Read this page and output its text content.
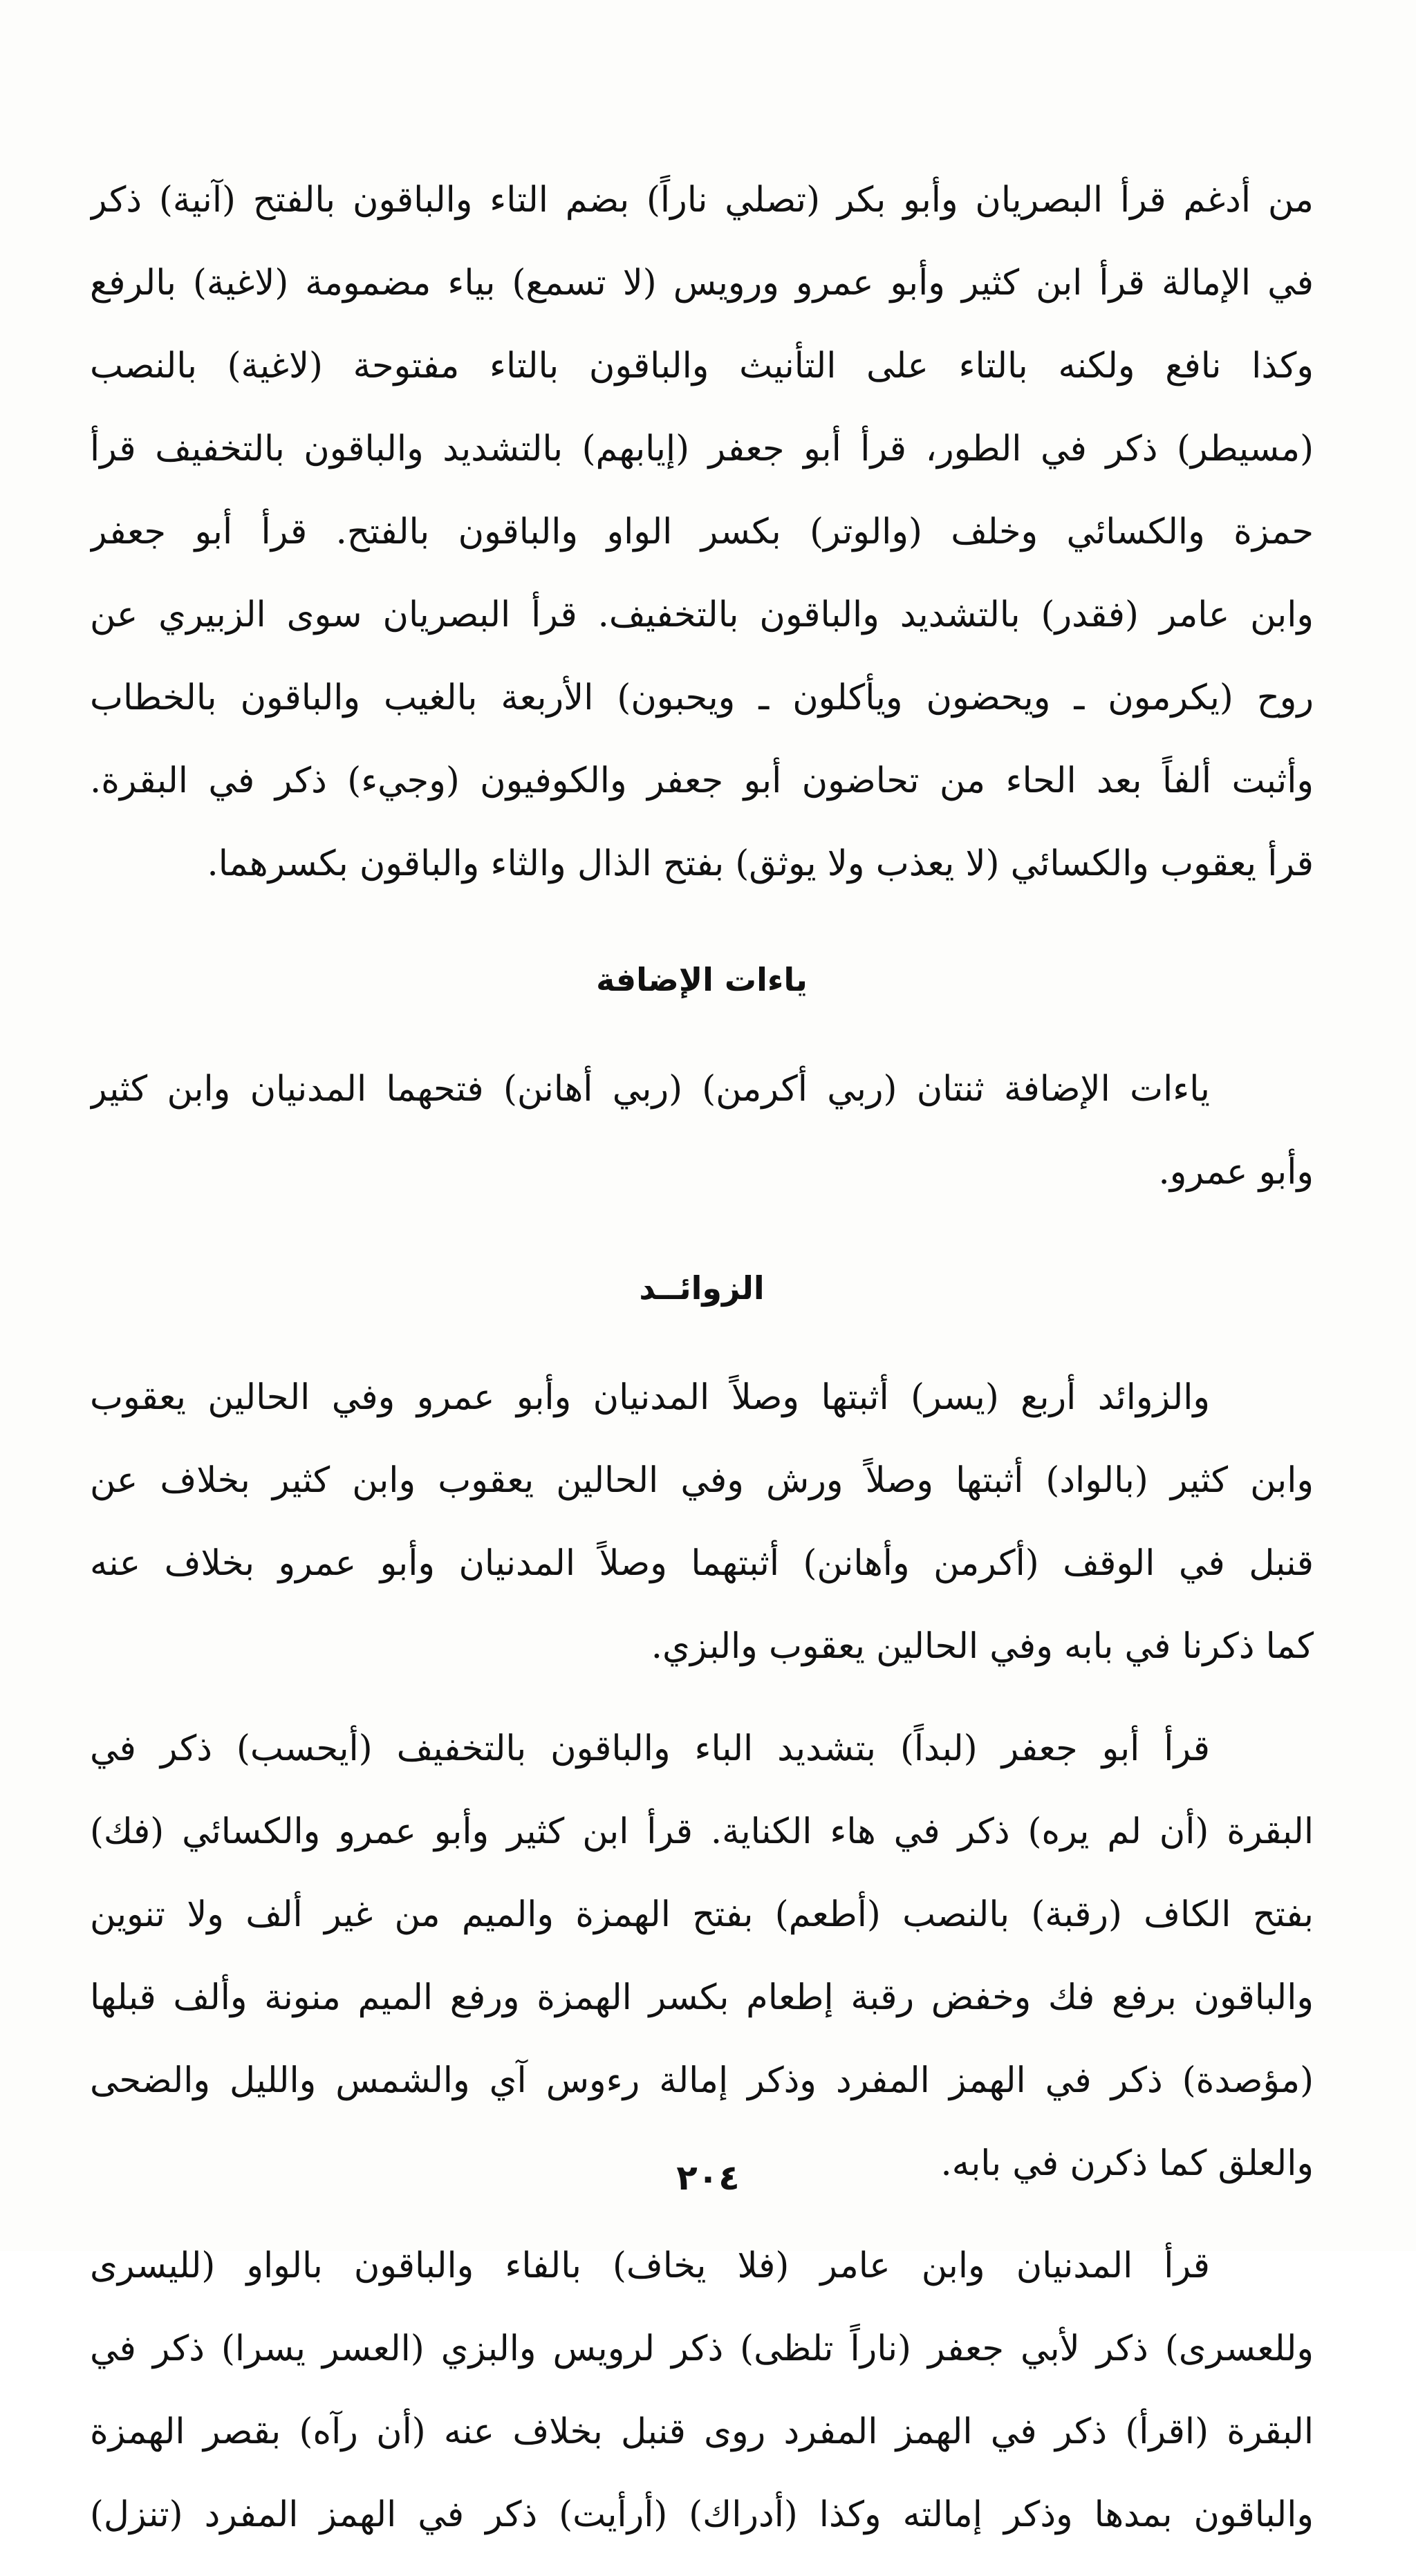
من أدغم قرأ البصريان وأبو بكر (تصلي ناراً) بضم التاء والباقون بالفتح (آنية) ذكر
في الإمالة قرأ ابن كثير وأبو عمرو ورويس (لا تسمع) بياء مضمومة (لاغية) بالرفع
وكذا نافع ولكنه بالتاء على التأنيث والباقون بالتاء مفتوحة (لاغية) بالنصب
(مسيطر) ذكر في الطور، قرأ أبو جعفر (إيابهم) بالتشديد والباقون بالتخفيف قرأ
حمزة والكسائي وخلف (والوتر) بكسر الواو والباقون بالفتح. قرأ أبو جعفر
وابن عامر (فقدر) بالتشديد والباقون بالتخفيف. قرأ البصريان سوى الزبيري عن
روح (يكرمون ـ ويحضون ويأكلون ـ ويحبون) الأربعة بالغيب والباقون بالخطاب
وأثبت ألفاً بعد الحاء من تحاضون أبو جعفر والكوفيون (وجيء) ذكر في البقرة.
قرأ يعقوب والكسائي (لا يعذب ولا يوثق) بفتح الذال والثاء والباقون بكسرهما.
ياءات الإضافة
ياءات الإضافة ثنتان (ربي أكرمن) (ربي أهانن) فتحهما المدنيان وابن كثير
وأبو عمرو.
الزوائــد
والزوائد أربع (يسر) أثبتها وصلاً المدنيان وأبو عمرو وفي الحالين يعقوب
وابن كثير (بالواد) أثبتها وصلاً ورش وفي الحالين يعقوب وابن كثير بخلاف عن
قنبل في الوقف (أكرمن وأهانن) أثبتهما وصلاً المدنيان وأبو عمرو بخلاف عنه
كما ذكرنا في بابه وفي الحالين يعقوب والبزي.
قرأ أبو جعفر (لبداً) بتشديد الباء والباقون بالتخفيف (أيحسب) ذكر في
البقرة (أن لم يره) ذكر في هاء الكناية. قرأ ابن كثير وأبو عمرو والكسائي (فك)
بفتح الكاف (رقبة) بالنصب (أطعم) بفتح الهمزة والميم من غير ألف ولا تنوين
والباقون برفع فك وخفض رقبة إطعام بكسر الهمزة ورفع الميم منونة وألف قبلها
(مؤصدة) ذكر في الهمز المفرد وذكر إمالة رءوس آي والشمس والليل والضحى
والعلق كما ذكرن في بابه.
قرأ المدنيان وابن عامر (فلا يخاف) بالفاء والباقون بالواو (لليسرى
وللعسرى) ذكر لأبي جعفر (ناراً تلظى) ذكر لرويس والبزي (العسر يسرا) ذكر في
البقرة (اقرأ) ذكر في الهمز المفرد روى قنبل بخلاف عنه (أن رآه) بقصر الهمزة
والباقون بمدها وذكر إمالته وكذا (أدراك) (أرأيت) ذكر في الهمز المفرد (تنزل)
٢٠٤
